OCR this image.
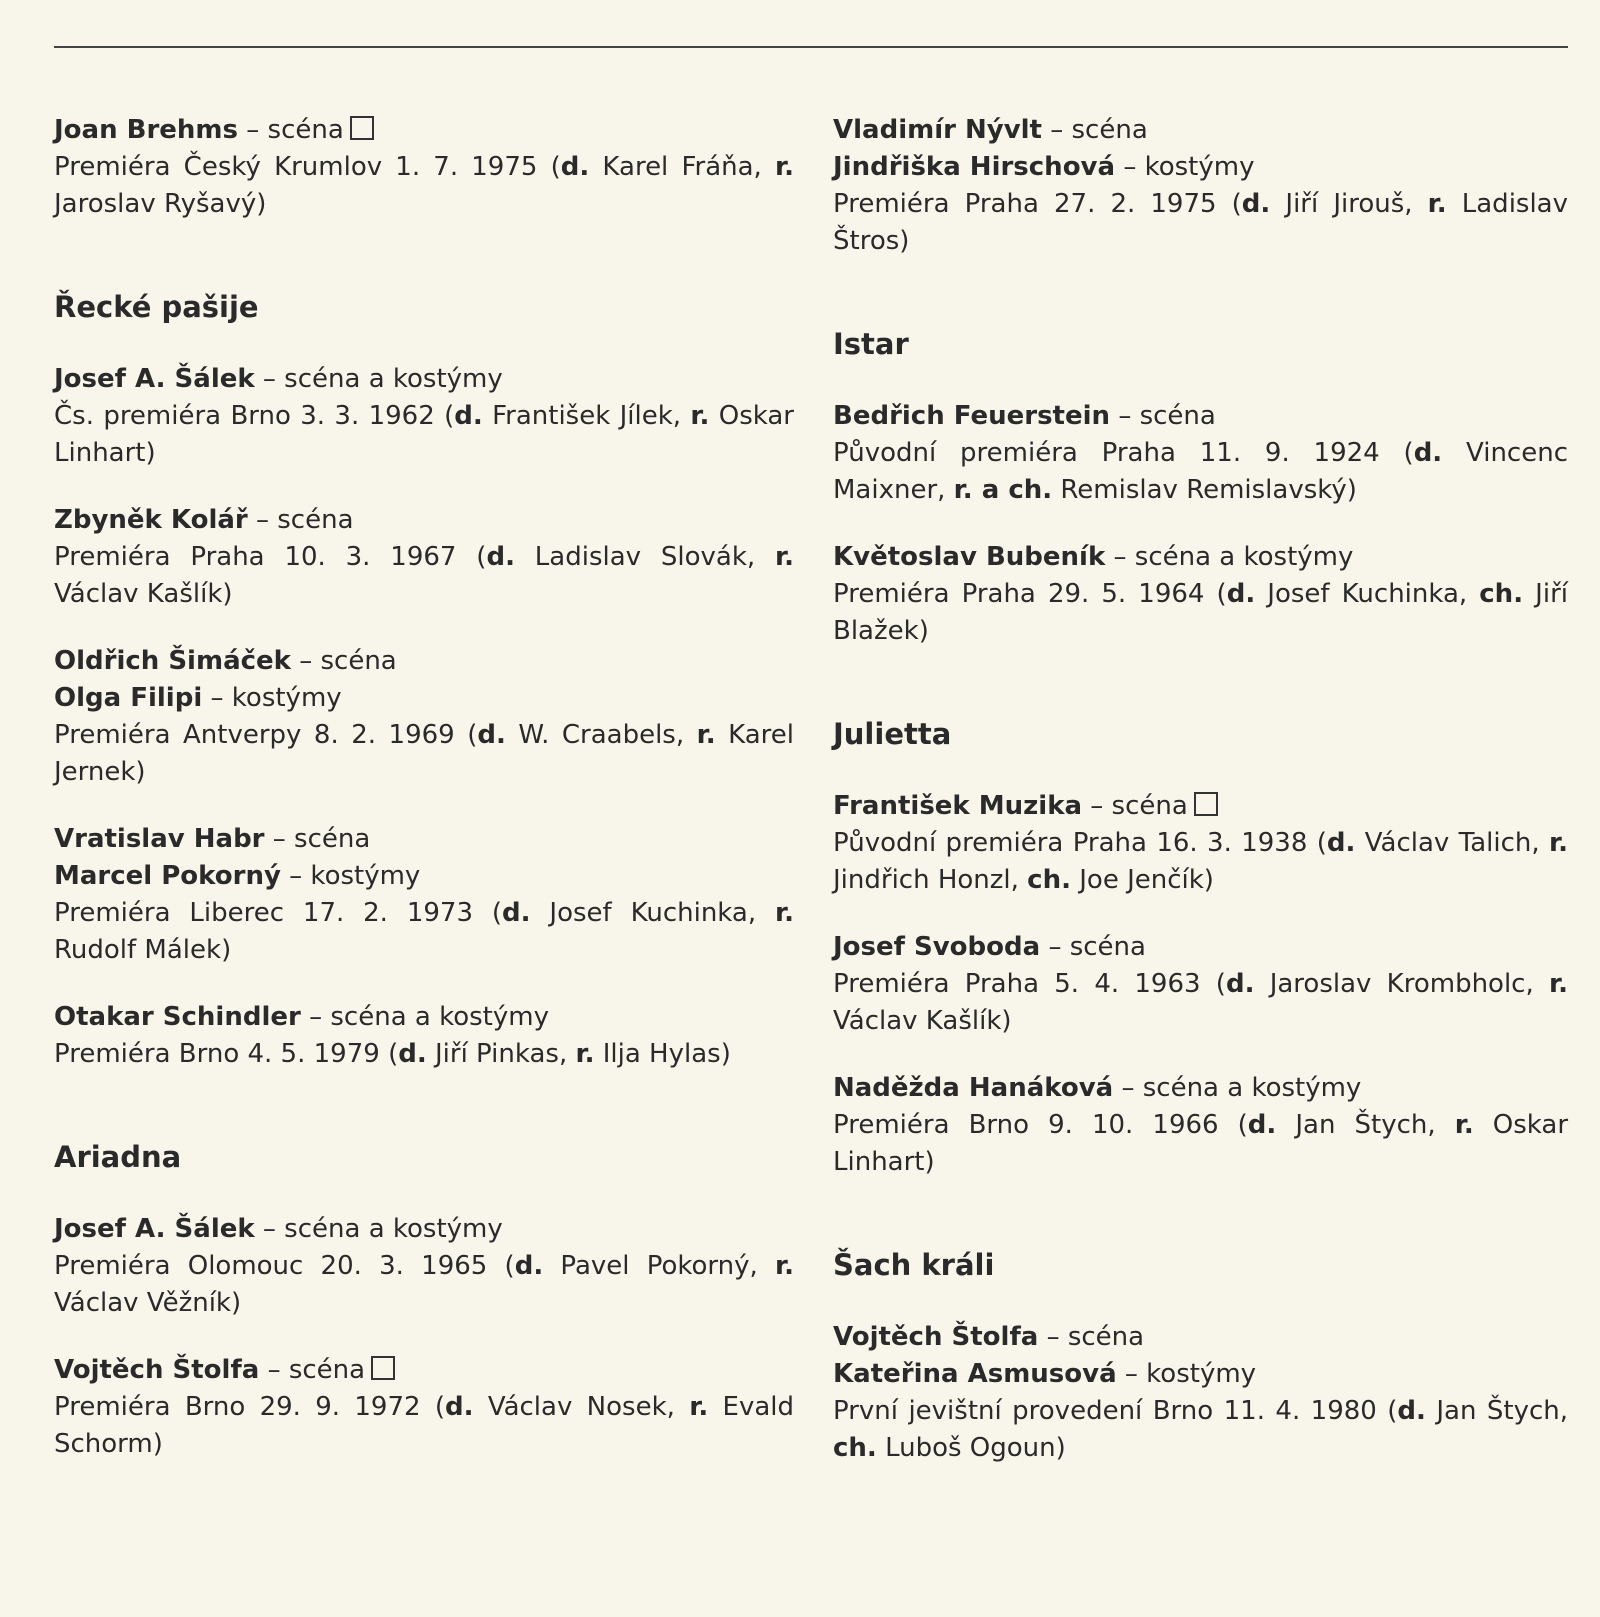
Joan Brehms – scéna

Premiéra Český Krumlov 1. 7. 1975 (d. Karel Fráňa, r. Jaroslav Ryšavý)

Řecké pašije

Josef A. Šálek – scéna a kostýmy

Čs. premiéra Brno 3. 3. 1962 (d. František Jílek, r. Oskar Linhart)

Zbyněk Kolář – scéna

Premiéra Praha 10. 3. 1967 (d. Ladislav Slovák, r. Václav Kašlík)

Oldřich Šimáček – scéna

Olga Filipi – kostýmy

Premiéra Antverpy 8. 2. 1969 (d. W. Craabels, r. Karel Jernek)

Vratislav Habr – scéna

Marcel Pokorný – kostýmy

Premiéra Liberec 17. 2. 1973 (d. Josef Kuchinka, r. Rudolf Málek)

Otakar Schindler – scéna a kostýmy

Premiéra Brno 4. 5. 1979 (d. Jiří Pinkas, r. Ilja Hylas)

Ariadna

Josef A. Šálek – scéna a kostýmy

Premiéra Olomouc 20. 3. 1965 (d. Pavel Pokorný, r. Václav Věžník)

Vojtěch Štolfa – scéna

Premiéra Brno 29. 9. 1972 (d. Václav Nosek, r. Evald Schorm)

Vladimír Nývlt – scéna

Jindřiška Hirschová – kostýmy

Premiéra Praha 27. 2. 1975 (d. Jiří Jirouš, r. Ladislav Štros)

Istar

Bedřich Feuerstein – scéna

Původní premiéra Praha 11. 9. 1924 (d. Vincenc Maixner, r. a ch. Remislav Remislavský)

Květoslav Bubeník – scéna a kostýmy

Premiéra Praha 29. 5. 1964 (d. Josef Kuchinka, ch. Jiří Blažek)

Julietta

František Muzika – scéna

Původní premiéra Praha 16. 3. 1938 (d. Václav Talich, r. Jindřich Honzl, ch. Joe Jenčík)

Josef Svoboda – scéna

Premiéra Praha 5. 4. 1963 (d. Jaroslav Krombholc, r. Václav Kašlík)

Naděžda Hanáková – scéna a kostýmy

Premiéra Brno 9. 10. 1966 (d. Jan Štych, r. Oskar Linhart)

Šach králi

Vojtěch Štolfa – scéna

Kateřina Asmusová – kostýmy

První jevištní provedení Brno 11. 4. 1980 (d. Jan Štych, ch. Luboš Ogoun)
